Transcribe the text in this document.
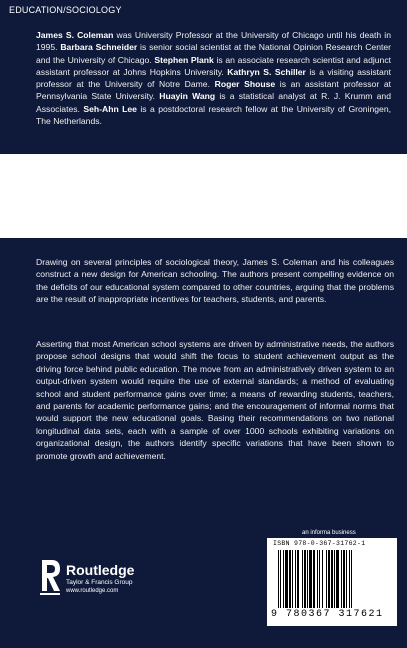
EDUCATION/SOCIOLOGY
James S. Coleman was University Professor at the University of Chicago until his death in 1995. Barbara Schneider is senior social scientist at the National Opinion Research Center and the University of Chicago. Stephen Plank is an associate research scientist and adjunct assistant professor at Johns Hopkins University. Kathryn S. Schiller is a visiting assistant professor at the University of Notre Dame. Roger Shouse is an assistant professor at Pennsylvania State University. Huayin Wang is a statistical analyst at R. J. Krumm and Associates. Seh-Ahn Lee is a postdoctoral research fellow at the University of Groningen, The Netherlands.

Drawing on several principles of sociological theory, James S. Coleman and his colleagues construct a new design for American schooling. The authors present compelling evidence on the deficits of our educational system compared to other countries, arguing that the problems are the result of inappropriate incentives for teachers, students, and parents.

Asserting that most American school systems are driven by administrative needs, the authors propose school designs that would shift the focus to student achievement output as the driving force behind public education. The move from an administratively driven system to an output-driven system would require the use of external standards; a method of evaluating school and student performance gains over time; a means of rewarding students, teachers, and parents for academic performance gains; and the encouragement of informal norms that would support the new educational goals. Basing their recommendations on two national longitudinal data sets, each with a sample of over 1000 schools exhibiting variations on organizational design, the authors identify specific variations that have been shown to promote growth and achievement.

an informa business
ISBN 978-0-367-31762-1
9 780367 317621
Routledge
Taylor & Francis Group
www.routledge.com
